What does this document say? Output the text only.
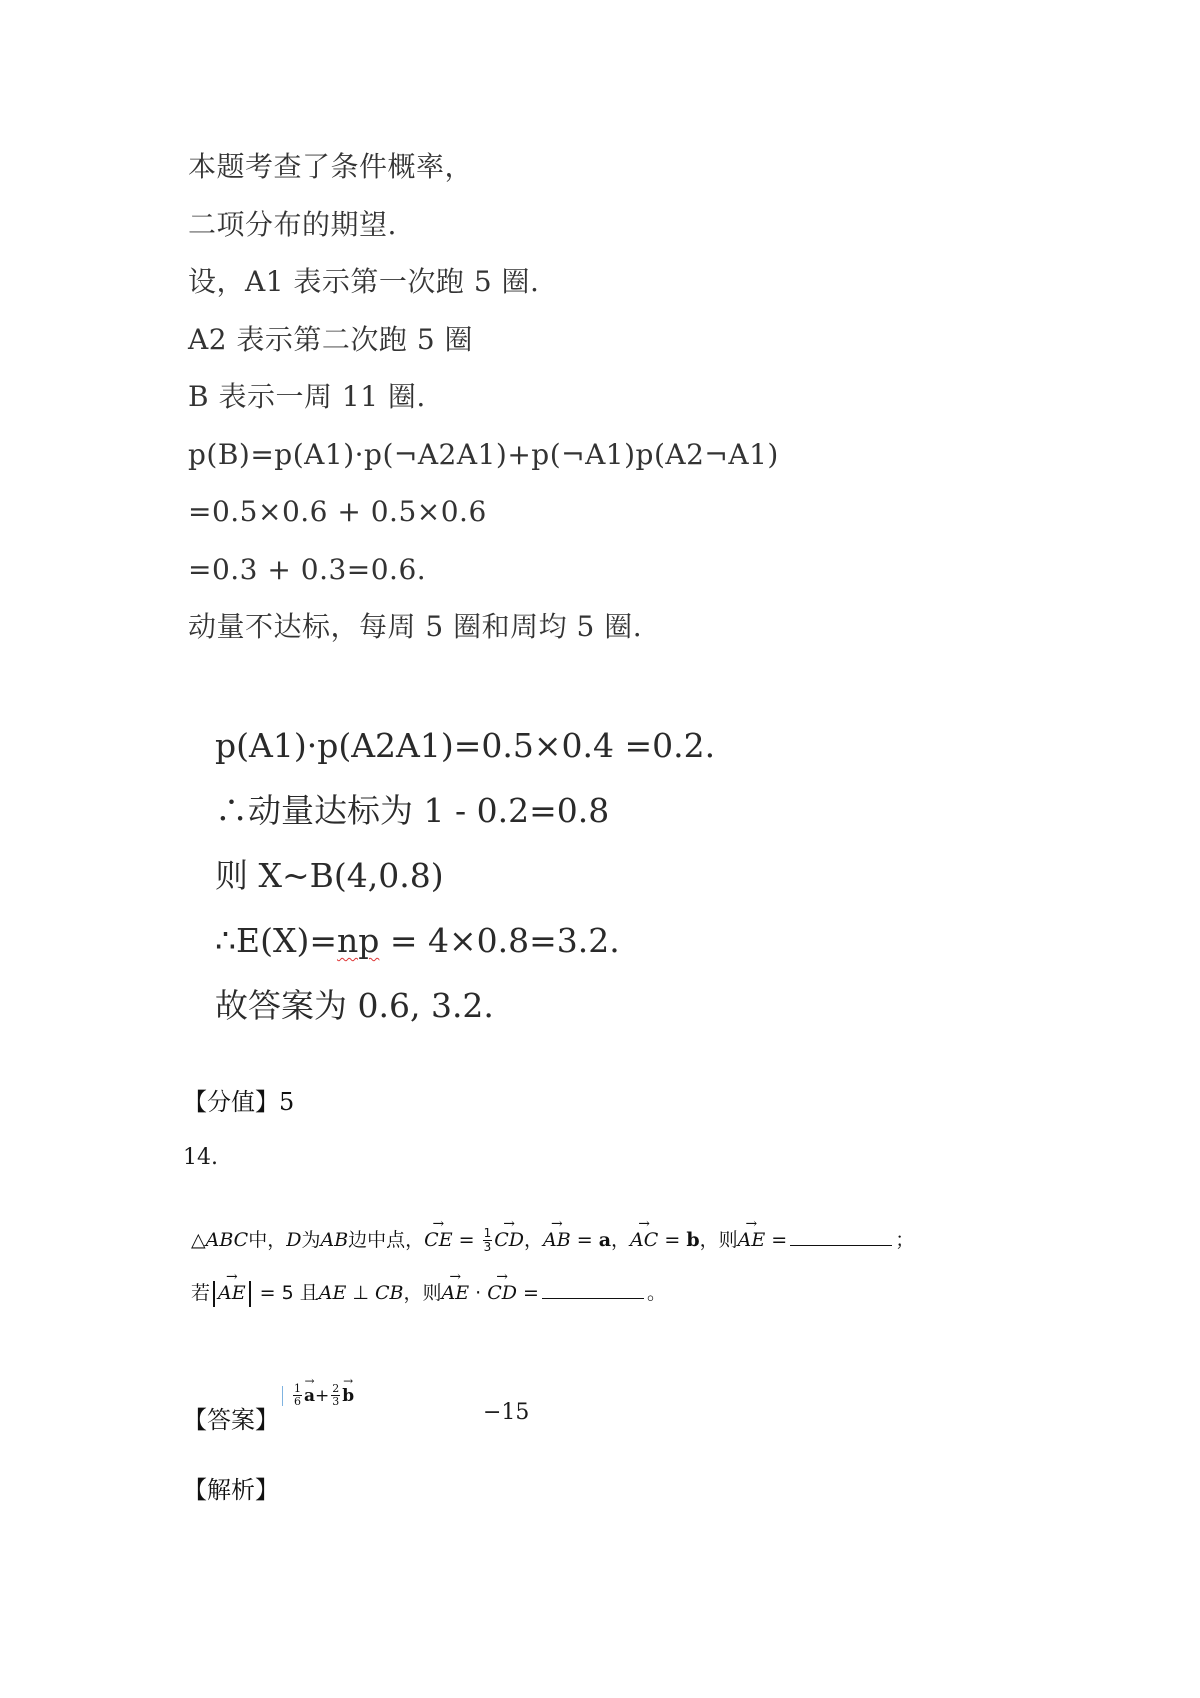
本题考查了条件概率，
二项分布的期望.
设，A1 表示第一次跑 5 圈.
A2 表示第二次跑 5 圈
B 表示一周 11 圈.
p(B)=p(A1)·p(¬A2A1)+p(¬A1)p(A2¬A1)
=0.5×0.6 + 0.5×0.6
=0.3 + 0.3=0.6.
动量不达标，每周 5 圈和周均 5 圈.
p(A1)·p(A2A1)=0.5×0.4 =0.2.
∴动量达标为 1 - 0.2=0.8
则 X~B(4,0.8)
∴E(X)=np = 4×0.8=3.2.
故答案为 0.6, 3.2.
【分值】5
14.
△ABC中，D为AB边中点，→ CE = $\frac{1}{3}$
→ CD，→ AB = a，→ AC = b，则→ AE =	；
若→ AE = 5 且AE ⊥ CB，则→ AE · → CD =	。
【答案】
$\frac{1}{6}$
→ $a + \frac{2}{3}$
→ b
−15
【解析】
